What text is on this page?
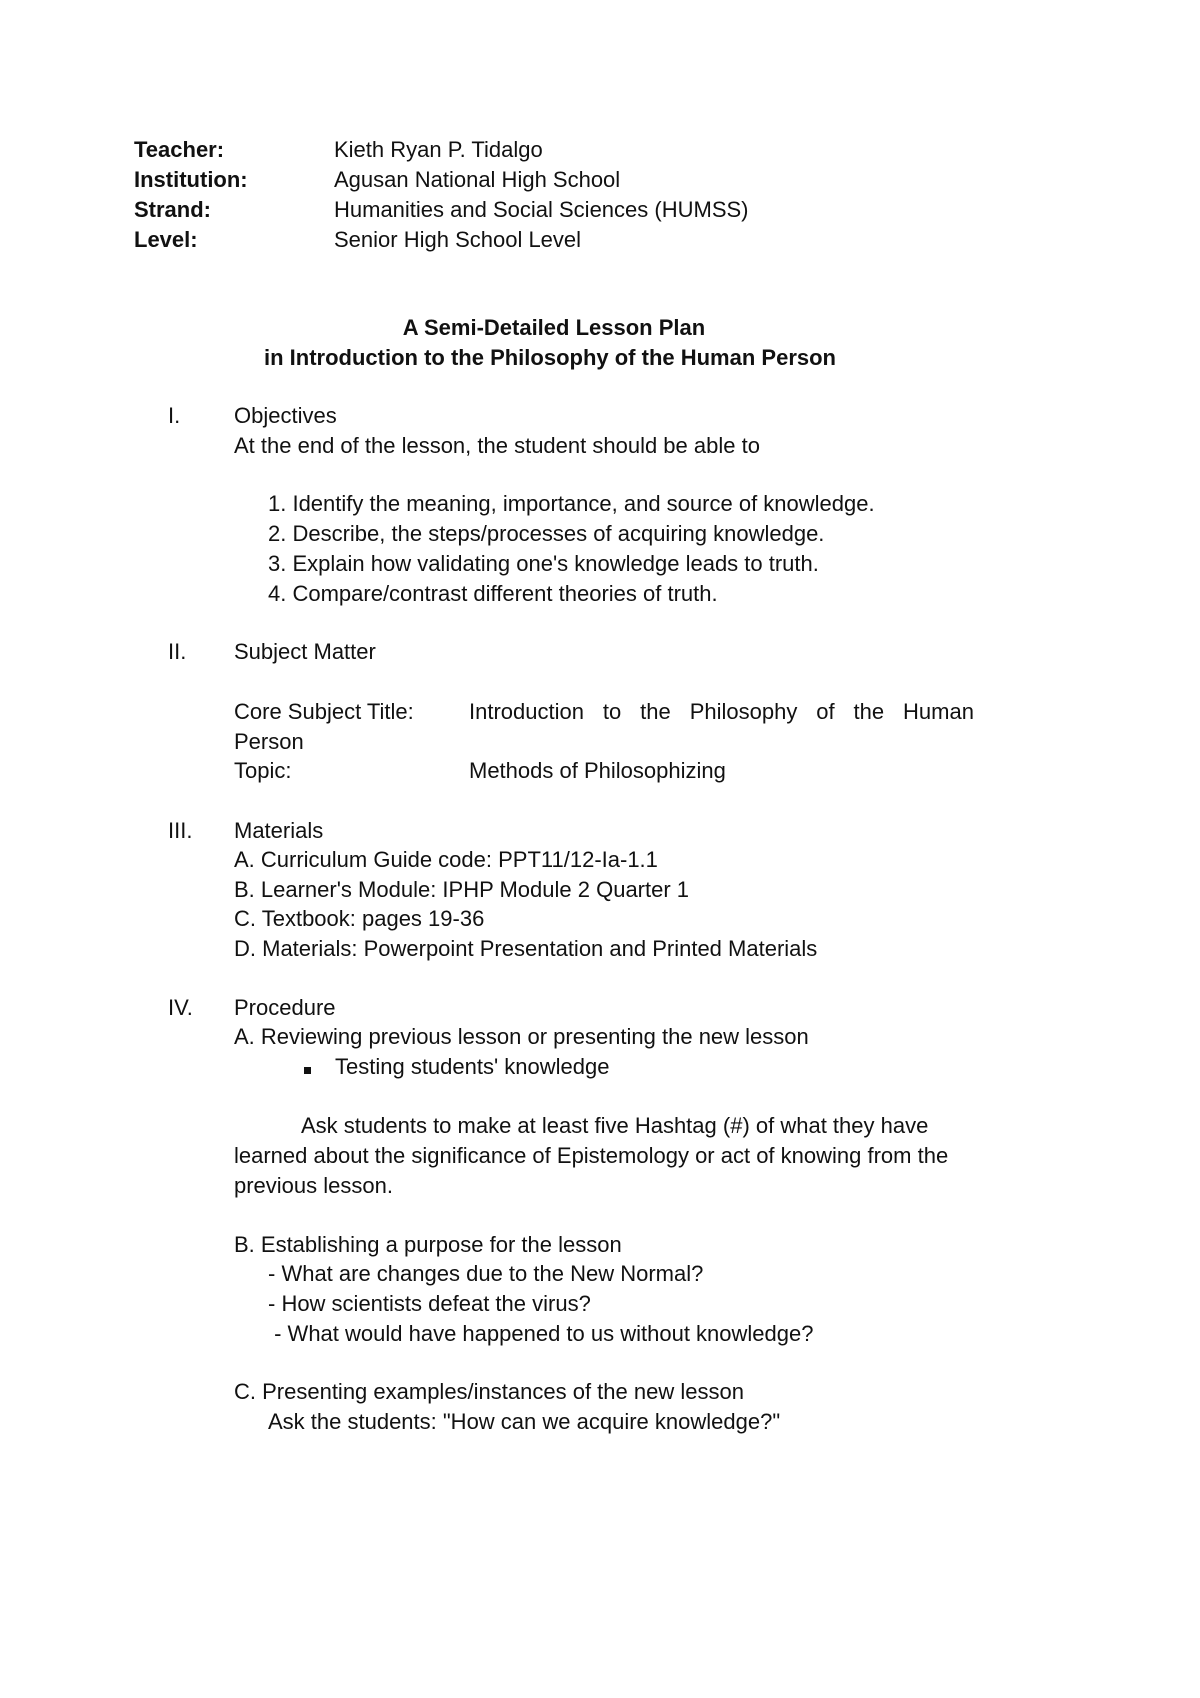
Teacher:	Kieth Ryan P. Tidalgo
Institution:	Agusan National High School
Strand:	Humanities and Social Sciences (HUMSS)
Level:	Senior High School Level
A Semi-Detailed Lesson Plan
in Introduction to the Philosophy of the Human Person
I. Objectives
At the end of the lesson, the student should be able to
1. Identify the meaning, importance, and source of knowledge.
2. Describe, the steps/processes of acquiring knowledge.
3. Explain how validating one's knowledge leads to truth.
4. Compare/contrast different theories of truth.
II. Subject Matter
Core Subject Title:	Introduction to the Philosophy of the Human
Person
Topic:	Methods of Philosophizing
III. Materials
A. Curriculum Guide code: PPT11/12-Ia-1.1
B. Learner's Module: IPHP Module 2 Quarter 1
C. Textbook: pages 19-36
D. Materials: Powerpoint Presentation and Printed Materials
IV. Procedure
A. Reviewing previous lesson or presenting the new lesson
Testing students' knowledge
Ask students to make at least five Hashtag (#) of what they have
learned about the significance of Epistemology or act of knowing from the
previous lesson.
B. Establishing a purpose for the lesson
- What are changes due to the New Normal?
- How scientists defeat the virus?
- What would have happened to us without knowledge?
C. Presenting examples/instances of the new lesson
Ask the students: "How can we acquire knowledge?"
